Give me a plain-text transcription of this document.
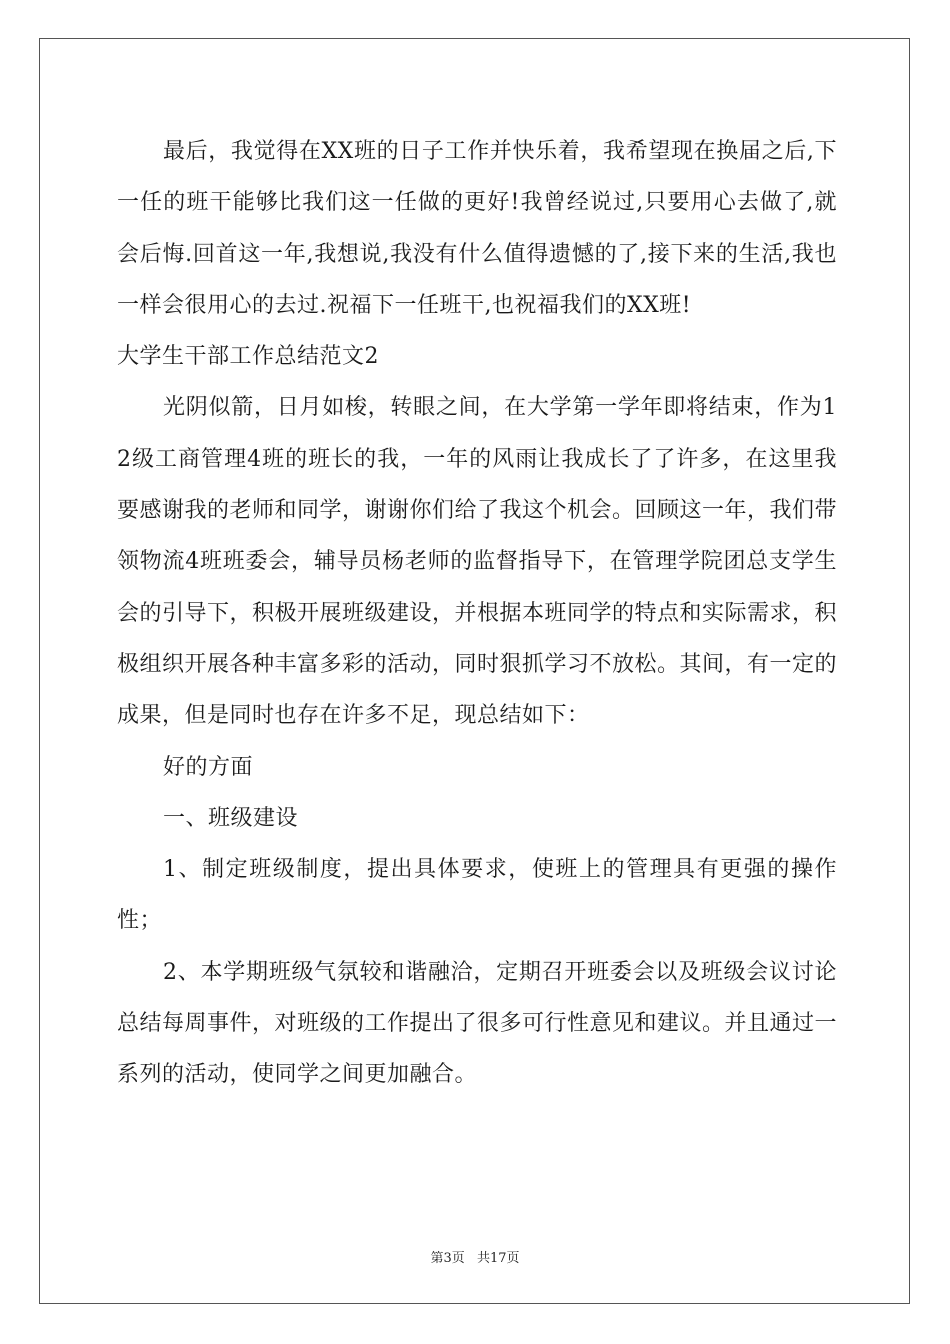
最后，我觉得在XX班的日子工作并快乐着，我希望现在换届之后,下一任的班干能够比我们这一任做的更好!我曾经说过,只要用心去做了,就会后悔.回首这一年,我想说,我没有什么值得遗憾的了,接下来的生活,我也一样会很用心的去过.祝福下一任班干,也祝福我们的XX班!

大学生干部工作总结范文2

光阴似箭，日月如梭，转眼之间，在大学第一学年即将结束，作为12级工商管理4班的班长的我，一年的风雨让我成长了了许多，在这里我要感谢我的老师和同学，谢谢你们给了我这个机会。回顾这一年，我们带领物流4班班委会，辅导员杨老师的监督指导下，在管理学院团总支学生会的引导下，积极开展班级建设，并根据本班同学的特点和实际需求，积极组织开展各种丰富多彩的活动，同时狠抓学习不放松。其间，有一定的成果，但是同时也存在许多不足，现总结如下：

好的方面

一、班级建设

1、制定班级制度，提出具体要求，使班上的管理具有更强的操作性；

2、本学期班级气氛较和谐融洽，定期召开班委会以及班级会议讨论总结每周事件，对班级的工作提出了很多可行性意见和建议。并且通过一系列的活动，使同学之间更加融合。

第3页 共17页
